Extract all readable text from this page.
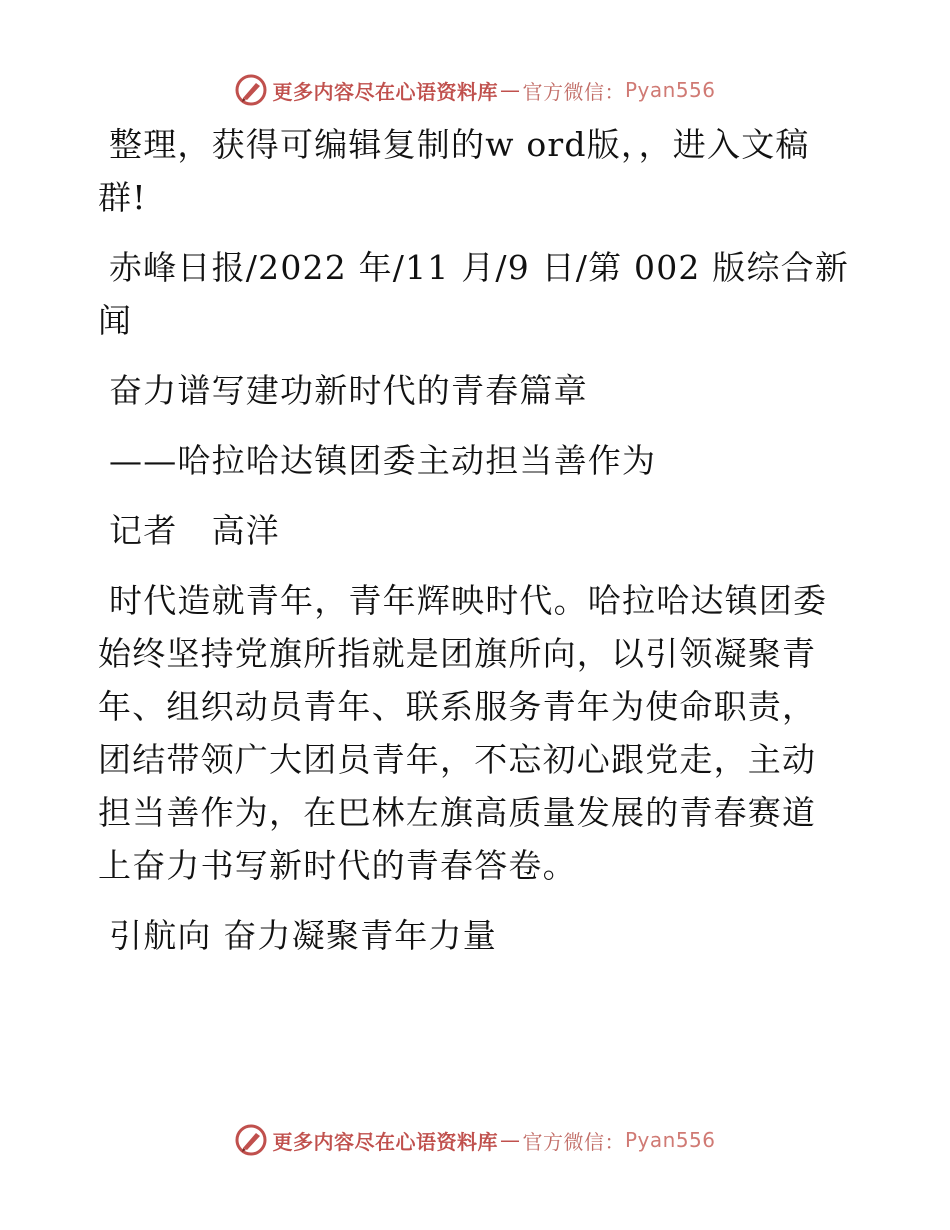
更多内容尽在心语资料库 — 官方微信： Pyan556

整理，获得可编辑复制的w ord版，，进入文稿群!

赤峰日报/2022 年/11 月/9 日/第 002 版综合新闻

奋力谱写建功新时代的青春篇章

——哈拉哈达镇团委主动担当善作为

记者　高洋

时代造就青年，青年辉映时代。哈拉哈达镇团委始终坚持党旗所指就是团旗所向，以引领凝聚青年、组织动员青年、联系服务青年为使命职责，团结带领广大团员青年，不忘初心跟党走，主动担当善作为，在巴林左旗高质量发展的青春赛道上奋力书写新时代的青春答卷。

引航向 奋力凝聚青年力量

更多内容尽在心语资料库 — 官方微信： Pyan556
